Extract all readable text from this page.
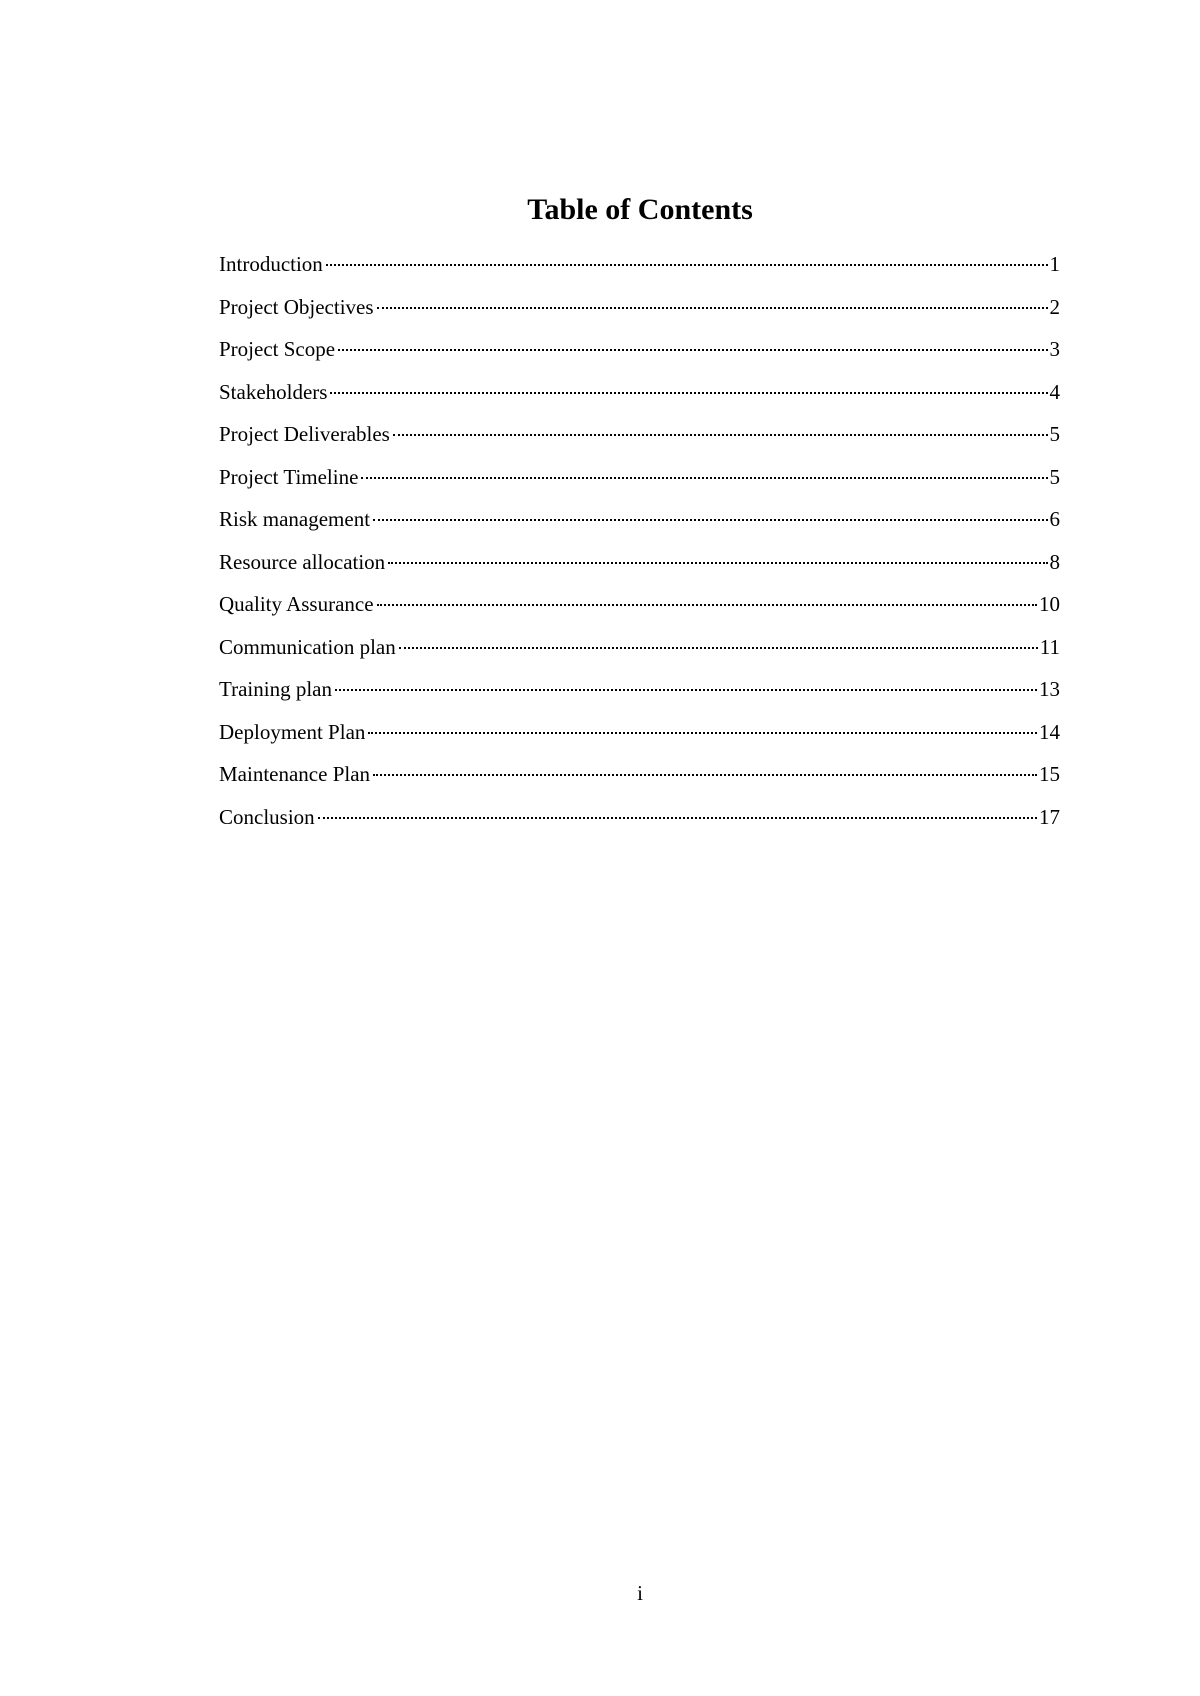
Table of Contents
Introduction	1
Project Objectives	2
Project Scope	3
Stakeholders	4
Project Deliverables	5
Project Timeline	5
Risk management	6
Resource allocation	8
Quality Assurance	10
Communication plan	11
Training plan	13
Deployment Plan	14
Maintenance Plan	15
Conclusion	17

i
